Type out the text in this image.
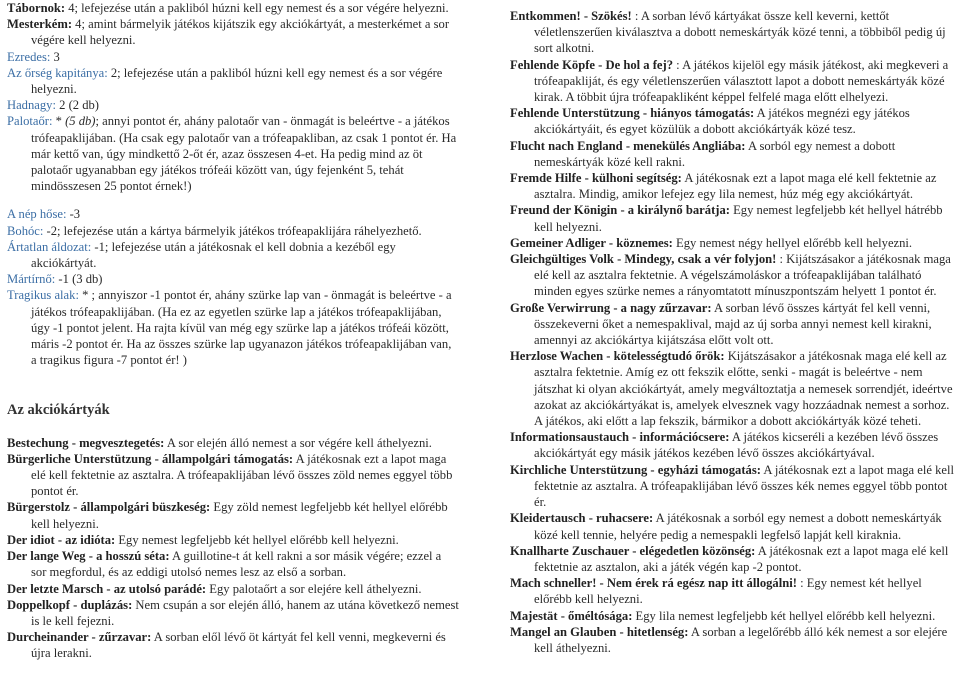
Tábornok: 4; lefejezése után a pakliból húzni kell egy nemest és a sor végére helyezni.

Mesterkém: 4; amint bármelyik játékos kijátszik egy akciókártyát, a mesterkémet a sor végére kell helyezni.

Ezredes: 3

Az őrség kapitánya: 2; lefejezése után a pakliból húzni kell egy nemest és a sor végére helyezni.

Hadnagy: 2 (2 db)

Palotaőr: * (5 db); annyi pontot ér, ahány palotaőr van - önmagát is beleértve - a játékos trófeapaklijában. (Ha csak egy palotaőr van a trófeapakliban, az csak 1 pontot ér. Ha már kettő van, úgy mindkettő 2-őt ér, azaz összesen 4-et. Ha pedig mind az öt palotaőr ugyanabban egy játékos trófeái között van, úgy fejenként 5, tehát mindösszesen 25 pontot érnek!)

A nép hőse: -3

Bohóc: -2; lefejezése után a kártya bármelyik játékos trófeapaklijára ráhelyezhető.

Ártatlan áldozat: -1; lefejezése után a játékosnak el kell dobnia a kezéből egy akciókártyát.

Mártírnő: -1 (3 db)

Tragikus alak: * ; annyiszor -1 pontot ér, ahány szürke lap van - önmagát is beleértve - a játékos trófeapaklijában. (Ha ez az egyetlen szürke lap a játékos trófeapaklijában, úgy -1 pontot jelent. Ha rajta kívül van még egy szürke lap a játékos trófeái között, máris -2 pontot ér. Ha az összes szürke lap ugyanazon játékos trófeapaklijában van, a tragikus figura -7 pontot ér! )

Az akciókártyák

Bestechung - megvesztegetés: A sor elején álló nemest a sor végére kell áthelyezni.

Bürgerliche Unterstützung - állampolgári támogatás: A játékosnak ezt a lapot maga elé kell fektetnie az asztalra. A trófeapaklijában lévő összes zöld nemes eggyel több pontot ér.

Bürgerstolz - állampolgári büszkeség: Egy zöld nemest legfeljebb két hellyel előrébb kell helyezni.

Der idiot - az idióta: Egy nemest legfeljebb két hellyel előrébb kell helyezni.

Der lange Weg - a hosszú séta: A guillotine-t át kell rakni a sor másik végére; ezzel a sor megfordul, és az eddigi utolsó nemes lesz az első a sorban.

Der letzte Marsch - az utolsó parádé: Egy palotaőrt a sor elejére kell áthelyezni.

Doppelkopf - duplázás: Nem csupán a sor elején álló, hanem az utána következő nemest is le kell fejezni.

Durcheinander - zűrzavar: A sorban elől lévő öt kártyát fel kell venni, megkeverni és újra lerakni.

Entkommen! - Szökés! : A sorban lévő kártyákat össze kell keverni, kettőt véletlenszerűen kiválasztva a dobott nemeskártyák közé tenni, a többiből pedig új sort alkotni.

Fehlende Köpfe - De hol a fej? : A játékos kijelöl egy másik játékost, aki megkeveri a trófeapakliját, és egy véletlenszerűen választott lapot a dobott nemeskártyák közé kirak. A többit újra trófeapakliként képpel felfelé maga előtt elhelyezi.

Fehlende Unterstützung - hiányos támogatás: A játékos megnézi egy játékos akciókártyáit, és egyet közülük a dobott akciókártyák közé tesz.

Flucht nach England - menekülés Angliába: A sorból egy nemest a dobott nemeskártyák közé kell rakni.

Fremde Hilfe - külhoni segítség: A játékosnak ezt a lapot maga elé kell fektetnie az asztalra. Mindig, amikor lefejez egy lila nemest, húz még egy akciókártyát.

Freund der Königin - a királynő barátja: Egy nemest legfeljebb két hellyel hátrébb kell helyezni.

Gemeiner Adliger - köznemes: Egy nemest négy hellyel előrébb kell helyezni.

Gleichgültiges Volk - Mindegy, csak a vér folyjon! : Kijátszásakor a játékosnak maga elé kell az asztalra fektetnie. A végelszámoláskor a trófeapaklijában található minden egyes szürke nemes a rányomtatott mínuszpontszám helyett 1 pontot ér.

Große Verwirrung - a nagy zűrzavar: A sorban lévő összes kártyát fel kell venni, összekeverni őket a nemespaklival, majd az új sorba annyi nemest kell kirakni, amennyi az akciókártya kijátszása előtt volt ott.

Herzlose Wachen - kötelességtudó őrök: Kijátszásakor a játékosnak maga elé kell az asztalra fektetnie. Amíg ez ott fekszik előtte, senki - magát is beleértve - nem játszhat ki olyan akciókártyát, amely megváltoztatja a nemesek sorrendjét, ideértve azokat az akciókártyákat is, amelyek elvesznek vagy hozzáadnak nemest a sorhoz. A játékos, aki előtt a lap fekszik, bármikor a dobott akciókártyák közé teheti.

Informationsaustauch - információcsere: A játékos kicseréli a kezében lévő összes akciókártyát egy másik játékos kezében lévő összes akciókártyával.

Kirchliche Unterstützung - egyházi támogatás: A játékosnak ezt a lapot maga elé kell fektetnie az asztalra. A trófeapaklijában lévő összes kék nemes eggyel több pontot ér.

Kleidertausch - ruhacsere: A játékosnak a sorból egy nemest a dobott nemeskártyák közé kell tennie, helyére pedig a nemespakli legfelső lapját kell kiraknia.

Knallharte Zuschauer - elégedetlen közönség: A játékosnak ezt a lapot maga elé kell fektetnie az asztalon, aki a játék végén kap -2 pontot.

Mach schneller! - Nem érek rá egész nap itt állogálni! : Egy nemest két hellyel előrébb kell helyezni.

Majestät - őméltósága: Egy lila nemest legfeljebb két hellyel előrébb kell helyezni.

Mangel an Glauben - hitetlenség: A sorban a legelőrébb álló kék nemest a sor elejére kell áthelyezni.
